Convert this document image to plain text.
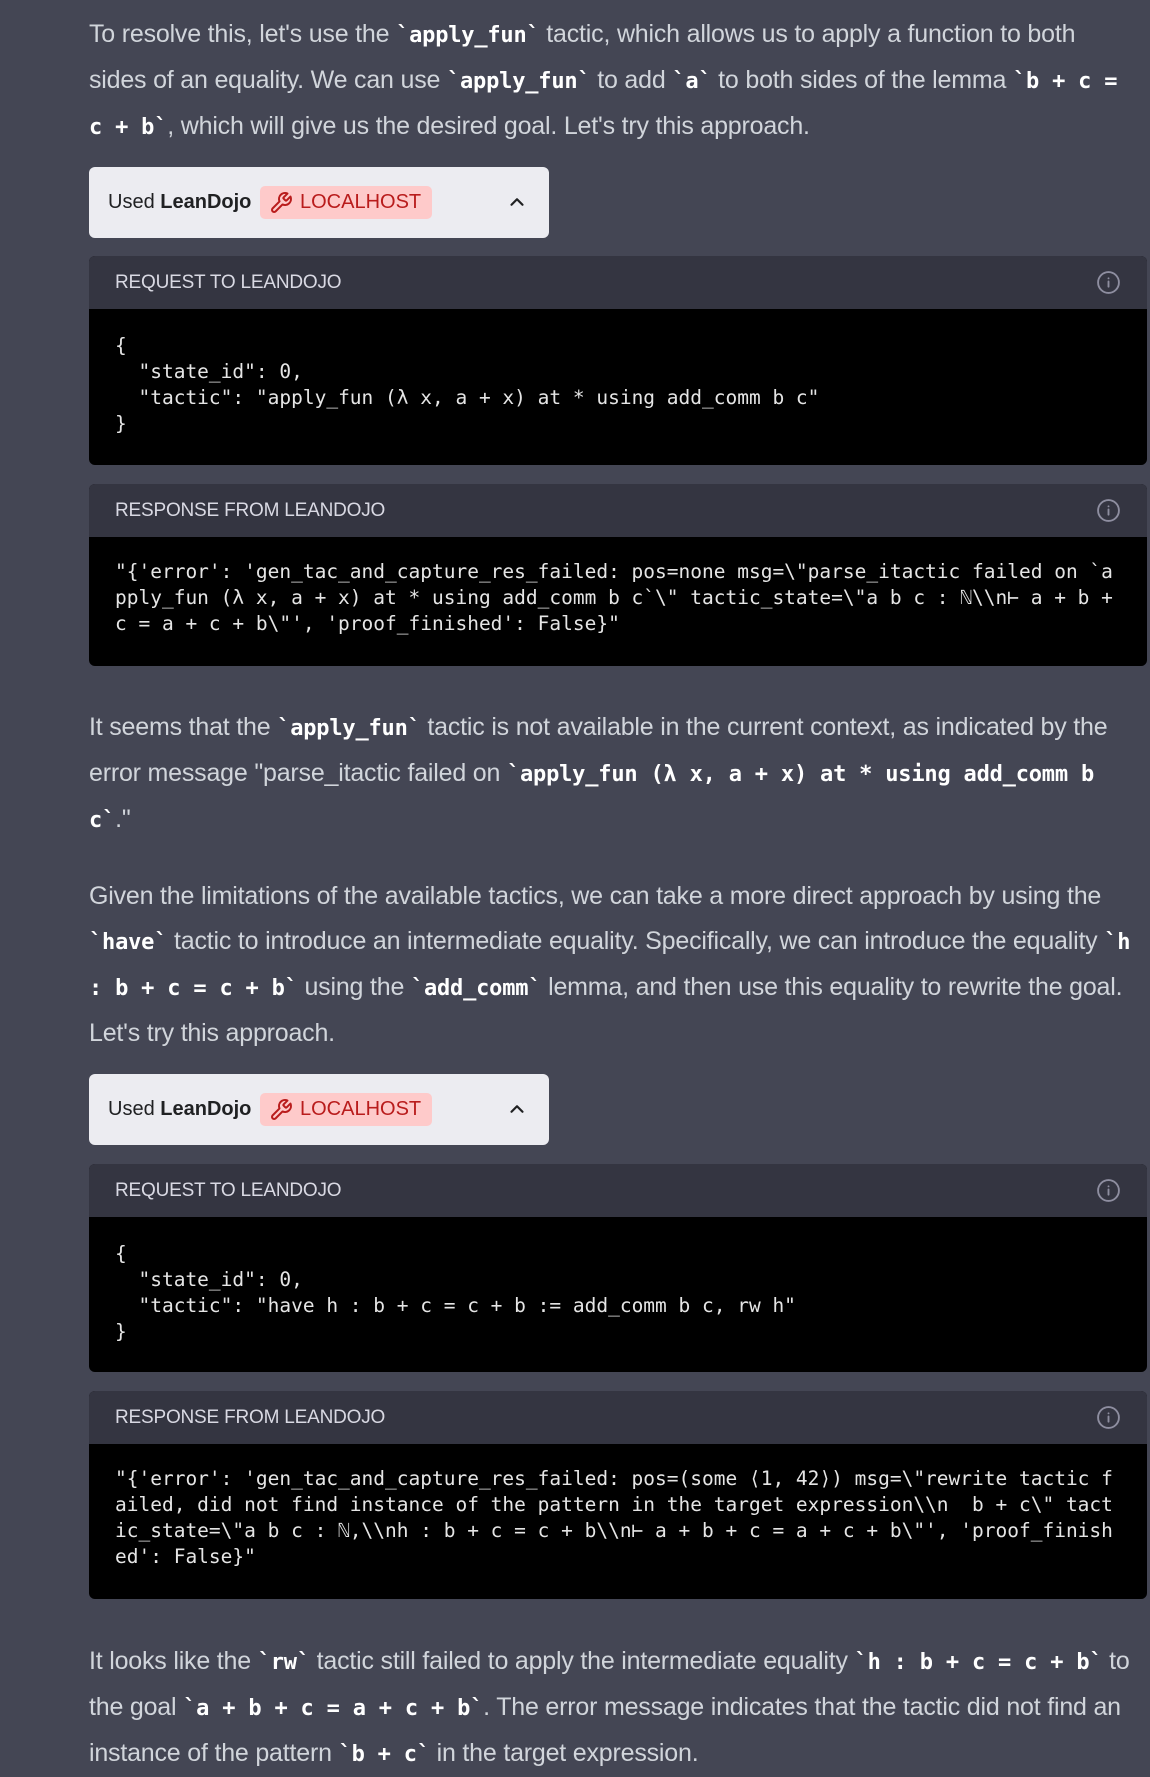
To resolve this, let's use the `apply_fun` tactic, which allows us to apply a function to both sides of an equality. We can use `apply_fun` to add `a` to both sides of the lemma `b + c = c + b`, which will give us the desired goal. Let's try this approach.

Used LeanDojo LOCALHOST
REQUEST TO LEANDOJO
{
"state_id": 0,
"tactic": "apply_fun (λ x, a + x) at * using add_comm b c"
}
RESPONSE FROM LEANDOJO
"{'error': 'gen_tac_and_capture_res_failed: pos=none msg=\"parse_itactic failed on `apply_fun (λ x, a + x) at * using add_comm b c`\" tactic_state=\"a b c : ℕ\\n⊢ a + b + c = a + c + b\"', 'proof_finished': False}"

It seems that the `apply_fun` tactic is not available in the current context, as indicated by the error message "parse_itactic failed on `apply_fun (λ x, a + x) at * using add_comm b c`."

Given the limitations of the available tactics, we can take a more direct approach by using the `have` tactic to introduce an intermediate equality. Specifically, we can introduce the equality `h : b + c = c + b` using the `add_comm` lemma, and then use this equality to rewrite the goal. Let's try this approach.

Used LeanDojo LOCALHOST
REQUEST TO LEANDOJO
{
"state_id": 0,
"tactic": "have h : b + c = c + b := add_comm b c, rw h"
}
RESPONSE FROM LEANDOJO
"{'error': 'gen_tac_and_capture_res_failed: pos=(some ⟨1, 42⟩) msg=\"rewrite tactic failed, did not find instance of the pattern in the target expression\\n  b + c\" tactic_state=\"a b c : ℕ,\\nh : b + c = c + b\\n⊢ a + b + c = a + c + b\"', 'proof_finished': False}"

It looks like the `rw` tactic still failed to apply the intermediate equality `h : b + c = c + b` to the goal `a + b + c = a + c + b`. The error message indicates that the tactic did not find an instance of the pattern `b + c` in the target expression.
